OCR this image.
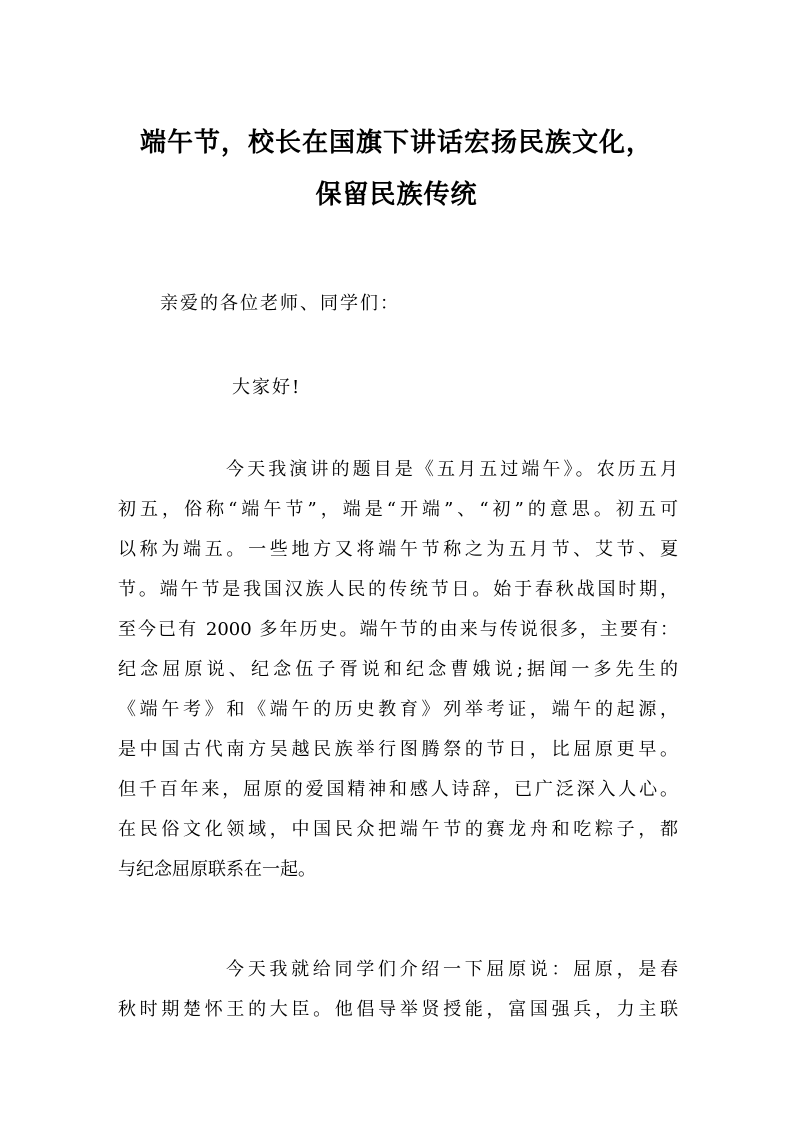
端午节，校长在国旗下讲话宏扬民族文化，
保留民族传统

亲爱的各位老师、同学们：

大家好!

今天我演讲的题目是《五月五过端午》。农历五月
初五，俗称“端午节”，端是“开端”、“初”的意思。初五可
以称为端五。一些地方又将端午节称之为五月节、艾节、夏
节。端午节是我国汉族人民的传统节日。始于春秋战国时期，
至今已有 2000 多年历史。端午节的由来与传说很多，主要有：
纪念屈原说、纪念伍子胥说和纪念曹娥说;据闻一多先生的
《端午考》和《端午的历史教育》列举考证，端午的起源，
是中国古代南方吴越民族举行图腾祭的节日，比屈原更早。
但千百年来，屈原的爱国精神和感人诗辞，已广泛深入人心。
在民俗文化领域，中国民众把端午节的赛龙舟和吃粽子，都
与纪念屈原联系在一起。
今天我就给同学们介绍一下屈原说：屈原，是春
秋时期楚怀王的大臣。他倡导举贤授能，富国强兵，力主联
